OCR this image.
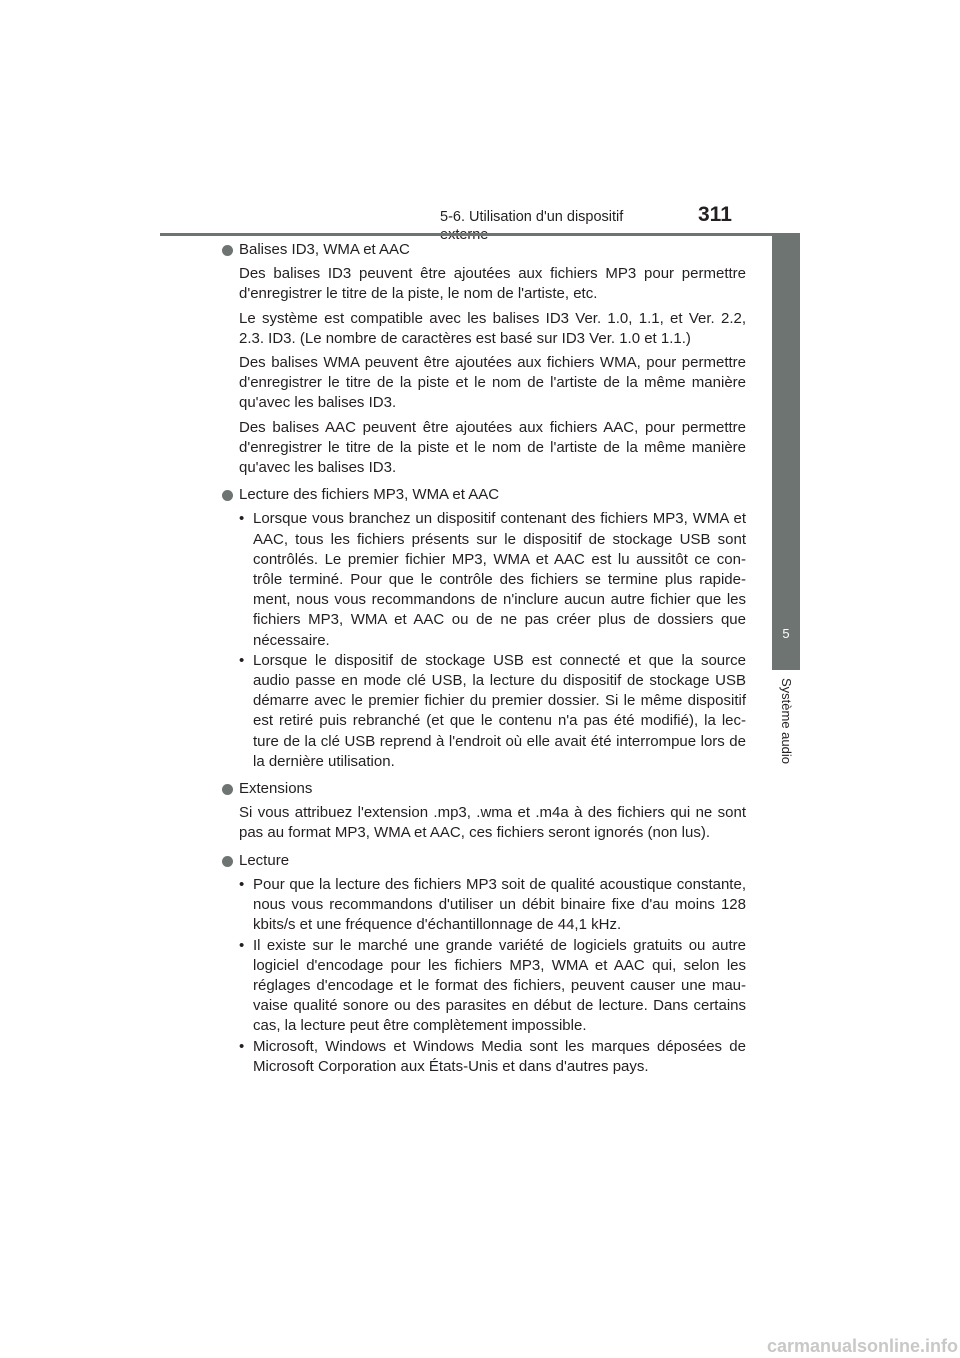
5-6. Utilisation d'un dispositif	311
5
Système audio

Balises ID3, WMA et AAC

Des balises ID3 peuvent être ajoutées aux fichiers MP3 pour permettre d'enregistrer le titre de la piste, le nom de l'artiste, etc.

Le système est compatible avec les balises ID3 Ver. 1.0, 1.1, et Ver. 2.2, 2.3. ID3. (Le nombre de caractères est basé sur ID3 Ver. 1.0 et 1.1.)

Des balises WMA peuvent être ajoutées aux fichiers WMA, pour permettre d'enregistrer le titre de la piste et le nom de l'artiste de la même manière qu'avec les balises ID3.

Des balises AAC peuvent être ajoutées aux fichiers AAC, pour permettre d'enregistrer le titre de la piste et le nom de l'artiste de la même manière qu'avec les balises ID3.

Lecture des fichiers MP3, WMA et AAC

• Lorsque vous branchez un dispositif contenant des fichiers MP3, WMA et AAC, tous les fichiers présents sur le dispositif de stockage USB sont contrôlés. Le premier fichier MP3, WMA et AAC est lu aussitôt ce con-trôle terminé. Pour que le contrôle des fichiers se termine plus rapide-ment, nous vous recommandons de n'inclure aucun autre fichier que les fichiers MP3, WMA et AAC ou de ne pas créer plus de dossiers que nécessaire.
• Lorsque le dispositif de stockage USB est connecté et que la source audio passe en mode clé USB, la lecture du dispositif de stockage USB démarre avec le premier fichier du premier dossier. Si le même dispositif est retiré puis rebranché (et que le contenu n'a pas été modifié), la lec-ture de la clé USB reprend à l'endroit où elle avait été interrompue lors de la dernière utilisation.

Extensions

Si vous attribuez l'extension .mp3, .wma et .m4a à des fichiers qui ne sont pas au format MP3, WMA et AAC, ces fichiers seront ignorés (non lus).

Lecture

• Pour que la lecture des fichiers MP3 soit de qualité acoustique constante, nous vous recommandons d'utiliser un débit binaire fixe d'au moins 128 kbits/s et une fréquence d'échantillonnage de 44,1 kHz.
• Il existe sur le marché une grande variété de logiciels gratuits ou autre logiciel d'encodage pour les fichiers MP3, WMA et AAC qui, selon les réglages d'encodage et le format des fichiers, peuvent causer une mau-vaise qualité sonore ou des parasites en début de lecture. Dans certains cas, la lecture peut être complètement impossible.
• Microsoft, Windows et Windows Media sont les marques déposées de Microsoft Corporation aux États-Unis et dans d'autres pays.
carmanualsonline.info
